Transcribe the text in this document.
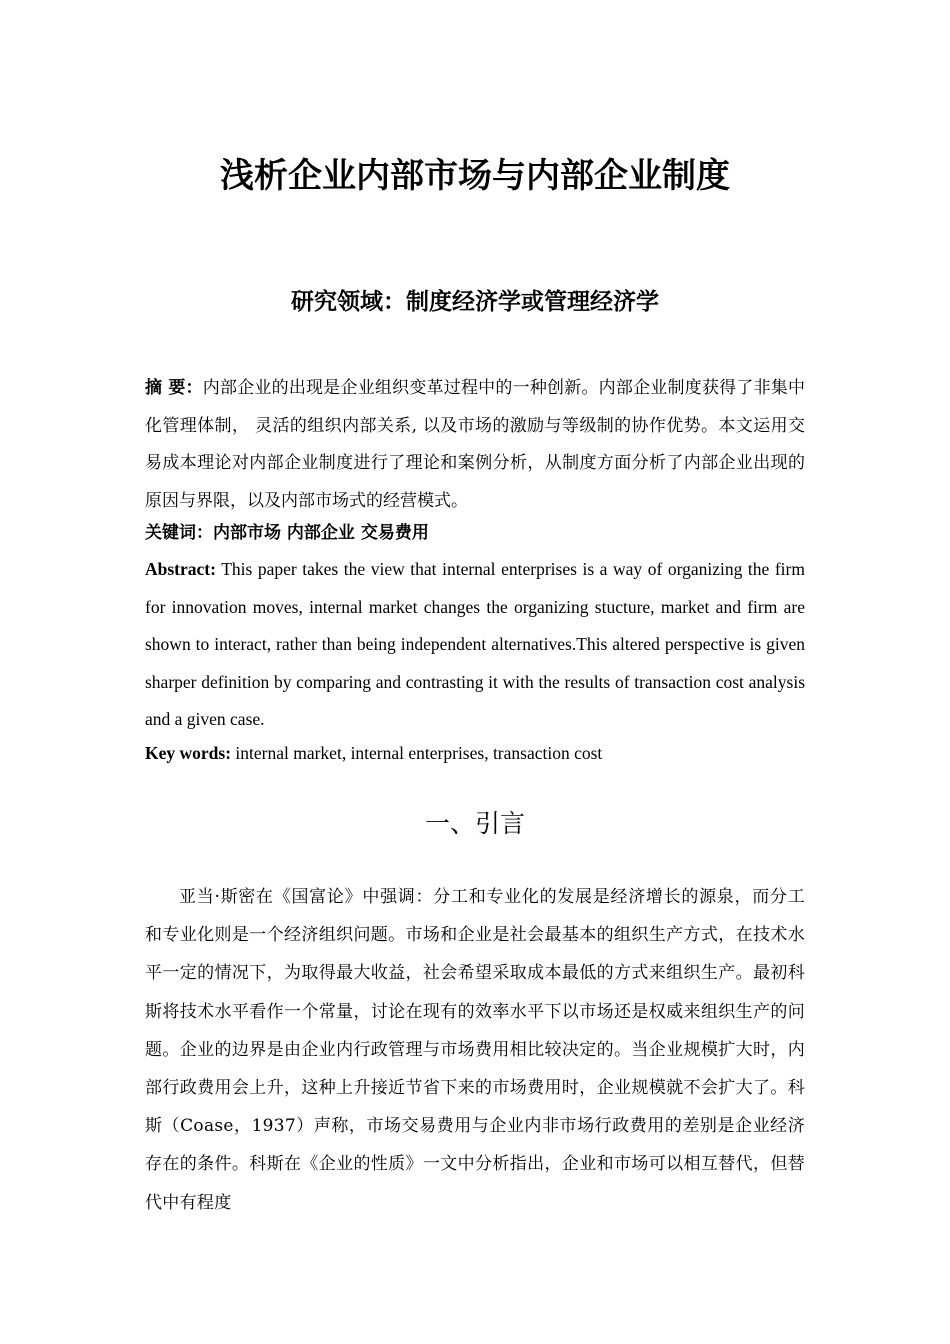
浅析企业内部市场与内部企业制度
研究领域：制度经济学或管理经济学

摘 要：内部企业的出现是企业组织变革过程中的一种创新。内部企业制度获得了非集中化管理体制， 灵活的组织内部关系, 以及市场的激励与等级制的协作优势。本文运用交易成本理论对内部企业制度进行了理论和案例分析，从制度方面分析了内部企业出现的原因与界限，以及内部市场式的经营模式。

关键词：内部市场 内部企业 交易费用

Abstract: This paper takes the view that internal enterprises is a way of organizing the firm for innovation moves, internal market changes the organizing stucture, market and firm are shown to interact, rather than being independent alternatives.This altered perspective is given sharper definition by comparing and contrasting it with the results of transaction cost analysis and a given case.

Key words: internal market, internal enterprises, transaction cost

一、引言

亚当·斯密在《国富论》中强调：分工和专业化的发展是经济增长的源泉，而分工和专业化则是一个经济组织问题。市场和企业是社会最基本的组织生产方式，在技术水平一定的情况下，为取得最大收益，社会希望采取成本最低的方式来组织生产。最初科斯将技术水平看作一个常量，讨论在现有的效率水平下以市场还是权威来组织生产的问题。企业的边界是由企业内行政管理与市场费用相比较决定的。当企业规模扩大时，内部行政费用会上升，这种上升接近节省下来的市场费用时，企业规模就不会扩大了。科斯（Coase，1937）声称，市场交易费用与企业内非市场行政费用的差别是企业经济存在的条件。科斯在《企业的性质》一文中分析指出，企业和市场可以相互替代，但替代中有程度
